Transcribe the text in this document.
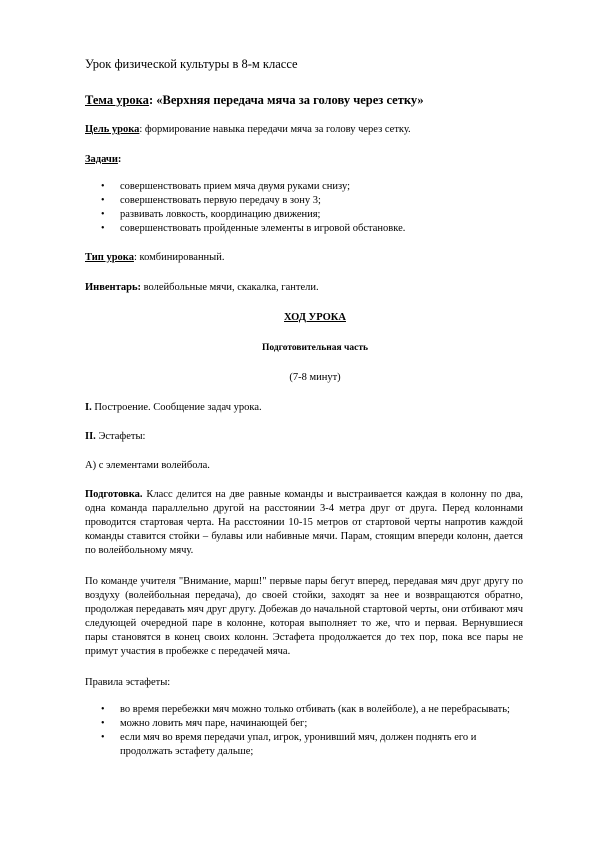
Урок физической культуры в 8-м классе

Тема урока: «Верхняя передача мяча за голову через сетку»

Цель урока: формирование навыка передачи мяча за голову через сетку.

Задачи:

• совершенствовать прием мяча двумя руками снизу;
• совершенствовать первую передачу в зону 3;
• развивать ловкость, координацию движения;
• совершенствовать пройденные элементы в игровой обстановке.

Тип урока: комбинированный.

Инвентарь: волейбольные мячи, скакалка, гантели.

ХОД УРОКА

Подготовительная часть

(7-8 минут)

I. Построение. Сообщение задач урока.

II. Эстафеты:

А) с элементами волейбола.

Подготовка. Класс делится на две равные команды и выстраивается каждая в колонну по два, одна команда параллельно другой на расстоянии 3-4 метра друг от друга. Перед колоннами проводится стартовая черта. На расстоянии 10-15 метров от стартовой черты напротив каждой команды ставится стойки – булавы или набивные мячи. Парам, стоящим впереди колонн, дается по волейбольному мячу.

По команде учителя "Внимание, марш!" первые пары бегут вперед, передавая мяч друг другу по воздуху (волейбольная передача), до своей стойки, заходят за нее и возвращаются обратно, продолжая передавать мяч друг другу. Добежав до начальной стартовой черты, они отбивают мяч следующей очередной паре в колонне, которая выполняет то же, что и первая. Вернувшиеся пары становятся в конец своих колонн. Эстафета продолжается до тех пор, пока все пары не примут участия в пробежке с передачей мяча.

Правила эстафеты:

• во время перебежки мяч можно только отбивать (как в волейболе), а не перебрасывать;
• можно ловить мяч паре, начинающей бег;
• если мяч во время передачи упал, игрок, уронивший мяч, должен поднять его и продолжать эстафету дальше;
